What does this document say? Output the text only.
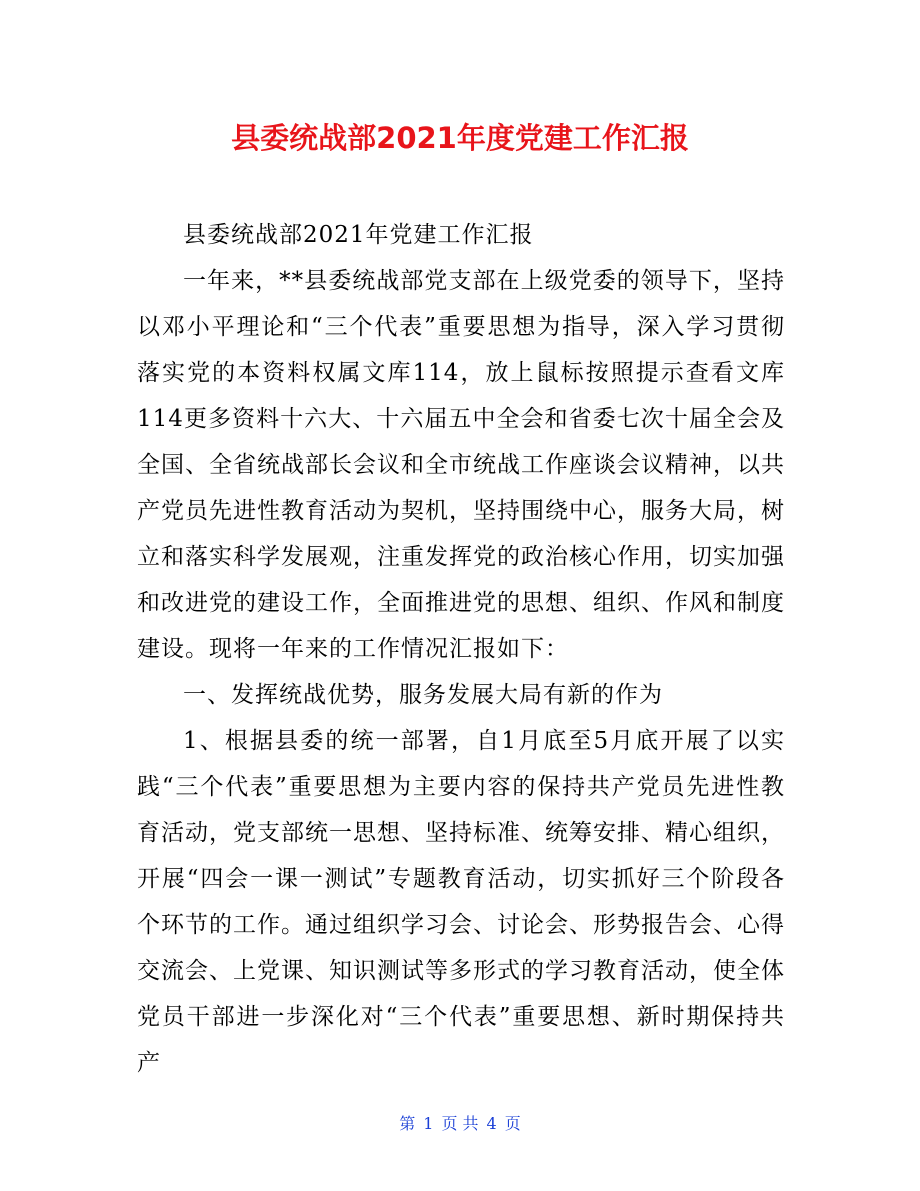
县委统战部2021年度党建工作汇报

县委统战部2021年党建工作汇报

一年来，**县委统战部党支部在上级党委的领导下，坚持以邓小平理论和“三个代表”重要思想为指导，深入学习贯彻落实党的本资料权属文库114，放上鼠标按照提示查看文库114更多资料十六大、十六届五中全会和省委七次十届全会及全国、全省统战部长会议和全市统战工作座谈会议精神，以共产党员先进性教育活动为契机，坚持围绕中心，服务大局，树立和落实科学发展观，注重发挥党的政治核心作用，切实加强和改进党的建设工作，全面推进党的思想、组织、作风和制度建设。现将一年来的工作情况汇报如下：

一、发挥统战优势，服务发展大局有新的作为

1、根据县委的统一部署，自1月底至5月底开展了以实践“三个代表”重要思想为主要内容的保持共产党员先进性教育活动，党支部统一思想、坚持标准、统筹安排、精心组织，开展“四会一课一测试”专题教育活动，切实抓好三个阶段各个环节的工作。通过组织学习会、讨论会、形势报告会、心得交流会、上党课、知识测试等多形式的学习教育活动，使全体党员干部进一步深化对“三个代表”重要思想、新时期保持共产

第 1 页 共 4 页
